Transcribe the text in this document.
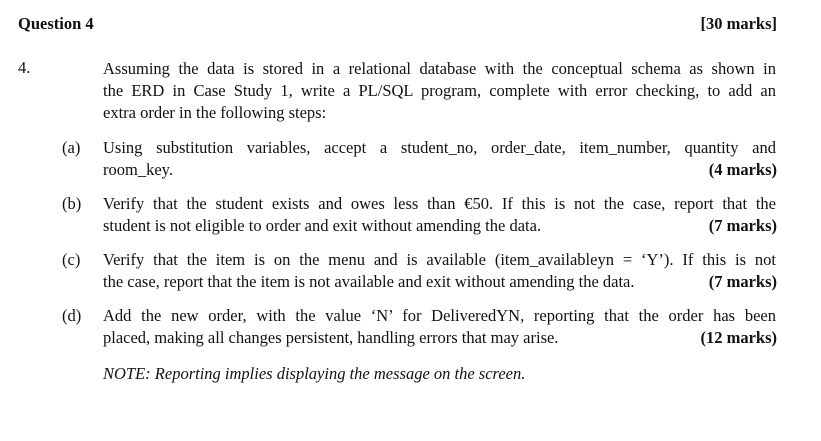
Question 4	[30 marks]
4.	Assuming the data is stored in a relational database with the conceptual schema as shown in
the ERD in Case Study 1, write a PL/SQL program, complete with error checking, to add an
extra order in the following steps:
(a) Using substitution variables, accept a student_no, order_date, item_number, quantity and
room_key.	(4 marks)
(b) Verify that the student exists and owes less than €50. If this is not the case, report that the
student is not eligible to order and exit without amending the data.	(7 marks)
(c) Verify that the item is on the menu and is available (item_availableyn = ‘Y’). If this is not
the case, report that the item is not available and exit without amending the data.	(7 marks)
(d) Add the new order, with the value ‘N’ for DeliveredYN, reporting that the order has been
placed, making all changes persistent, handling errors that may arise.	(12 marks)
NOTE: Reporting implies displaying the message on the screen.
